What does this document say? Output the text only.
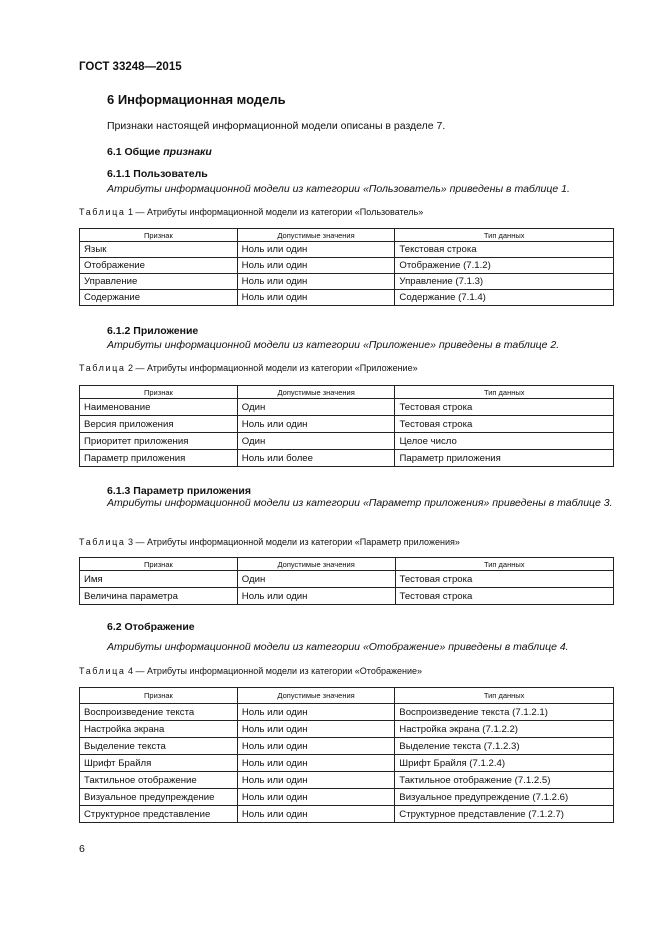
ГОСТ 33248—2015
6 Информационная модель
Признаки настоящей информационной модели описаны в разделе 7.
6.1 Общие признаки
6.1.1 Пользователь
Атрибуты информационной модели из категории «Пользователь» приведены в таблице 1.
Таблица 1 — Атрибуты информационной модели из категории «Пользователь»
Признак	Допустимые значения	Тип данных
Язык	Ноль или один	Текстовая строка
Отображение	Ноль или один	Отображение (7.1.2)
Управление	Ноль или один	Управление (7.1.3)
Содержание	Ноль или один	Содержание (7.1.4)
6.1.2 Приложение
Атрибуты информационной модели из категории «Приложение» приведены в таблице 2.
Таблица 2 — Атрибуты информационной модели из категории «Приложение»
Признак	Допустимые значения	Тип данных
Наименование	Один	Тестовая строка
Версия приложения	Ноль или один	Тестовая строка
Приоритет приложения	Один	Целое число
Параметр приложения	Ноль или более	Параметр приложения
6.1.3 Параметр приложения
Атрибуты информационной модели из категории «Параметр приложения» приведены в таблице 3.
Таблица 3 — Атрибуты информационной модели из категории «Параметр приложения»
Признак	Допустимые значения	Тип данных
Имя	Один	Тестовая строка
Величина параметра	Ноль или один	Тестовая строка
6.2 Отображение
Атрибуты информационной модели из категории «Отображение» приведены в таблице 4.
Таблица 4 — Атрибуты информационной модели из категории «Отображение»
Признак	Допустимые значения	Тип данных
Воспроизведение текста	Ноль или один	Воспроизведение текста (7.1.2.1)
Настройка экрана	Ноль или один	Настройка экрана (7.1.2.2)
Выделение текста	Ноль или один	Выделение текста (7.1.2.3)
Шрифт Брайля	Ноль или один	Шрифт Брайля (7.1.2.4)
Тактильное отображение	Ноль или один	Тактильное отображение (7.1.2.5)
Визуальное предупреждение	Ноль или один	Визуальное предупреждение (7.1.2.6)
Структурное представление	Ноль или один	Структурное представление (7.1.2.7)
6
